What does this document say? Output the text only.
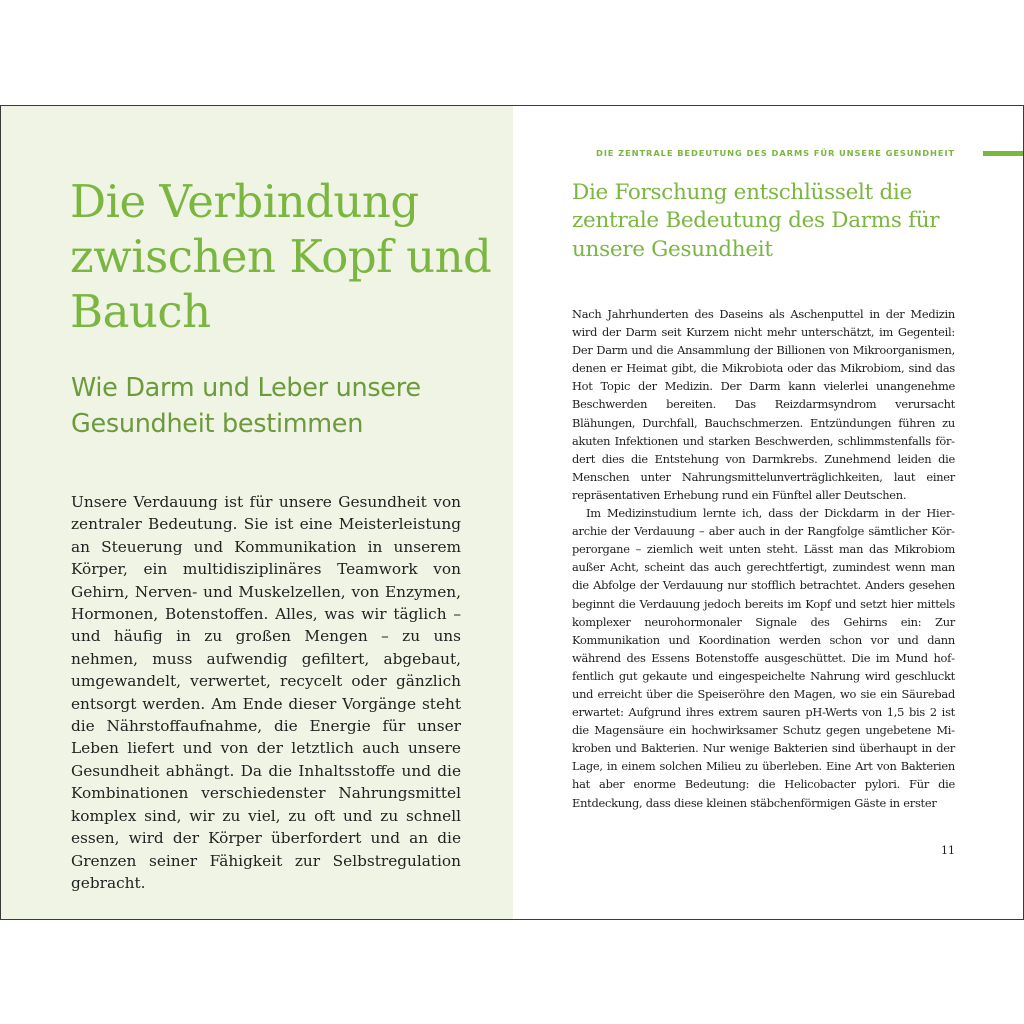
Die Verbindung zwischen Kopf und Bauch
Wie Darm und Leber unsere Gesundheit bestimmen

Unsere Verdauung ist für unsere Gesundheit von zentraler Bedeutung. Sie ist eine Meisterleistung an Steuerung und Kommunikation in unserem Körper, ein multidisziplinäres Teamwork von Gehirn, Nerven- und Muskelzellen, von Enzymen, Hormonen, Botenstoffen. Alles, was wir täglich – und häufig in zu großen Mengen – zu uns nehmen, muss aufwendig gefiltert, abgebaut, umgewandelt, verwertet, recycelt oder gänzlich entsorgt werden. Am Ende dieser Vorgänge steht die Nährstoffaufnahme, die Energie für unser Leben liefert und von der letztlich auch unsere Gesundheit abhängt. Da die Inhaltsstoffe und die Kombinationen verschiedenster Nahrungsmittel komplex sind, wir zu viel, zu oft und zu schnell essen, wird der Körper überfordert und an die Grenzen seiner Fähigkeit zur Selbstregulation gebracht.

DIE ZENTRALE BEDEUTUNG DES DARMS FÜR UNSERE GESUNDHEIT

Die Forschung entschlüsselt die zentrale Bedeutung des Darms für unsere Gesundheit

Nach Jahrhunderten des Daseins als Aschenputtel in der Medizin wird der Darm seit Kurzem nicht mehr unterschätzt, im Gegenteil: Der Darm und die Ansammlung der Billionen von Mikroorganismen, denen er Heimat gibt, die Mikrobiota oder das Mikrobiom, sind das Hot Topic der Medizin. Der Darm kann vielerlei unangenehme Beschwerden bereiten. Das Reizdarmsyndrom verursacht Blähungen, Durchfall, Bauchschmerzen. Entzündungen führen zu akuten Infektionen und starken Beschwerden, schlimmstenfalls fördert dies die Entstehung von Darmkrebs. Zunehmend leiden die Menschen unter Nahrungsmittelunverträglichkeiten, laut einer repräsentativen Erhebung rund ein Fünftel aller Deutschen.

Im Medizinstudium lernte ich, dass der Dickdarm in der Hierarchie der Verdauung – aber auch in der Rangfolge sämtlicher Körperorgane – ziemlich weit unten steht. Lässt man das Mikrobiom außer Acht, scheint das auch gerechtfertigt, zumindest wenn man die Abfolge der Verdauung nur stofflich betrachtet. Anders gesehen beginnt die Verdauung jedoch bereits im Kopf und setzt hier mittels komplexer neurohormonaler Signale des Gehirns ein: Zur Kommunikation und Koordination werden schon vor und dann während des Essens Botenstoffe ausgeschüttet. Die im Mund hoffentlich gut gekaute und eingespeichelte Nahrung wird geschluckt und erreicht über die Speiseröhre den Magen, wo sie ein Säurebad erwartet: Aufgrund ihres extrem sauren pH-Werts von 1,5 bis 2 ist die Magensäure ein hochwirksamer Schutz gegen ungebetene Mikroben und Bakterien. Nur wenige Bakterien sind überhaupt in der Lage, in einem solchen Milieu zu überleben. Eine Art von Bakterien hat aber enorme Bedeutung: die Helicobacter pylori. Für die Entdeckung, dass diese kleinen stäbchenförmigen Gäste in erster

11
